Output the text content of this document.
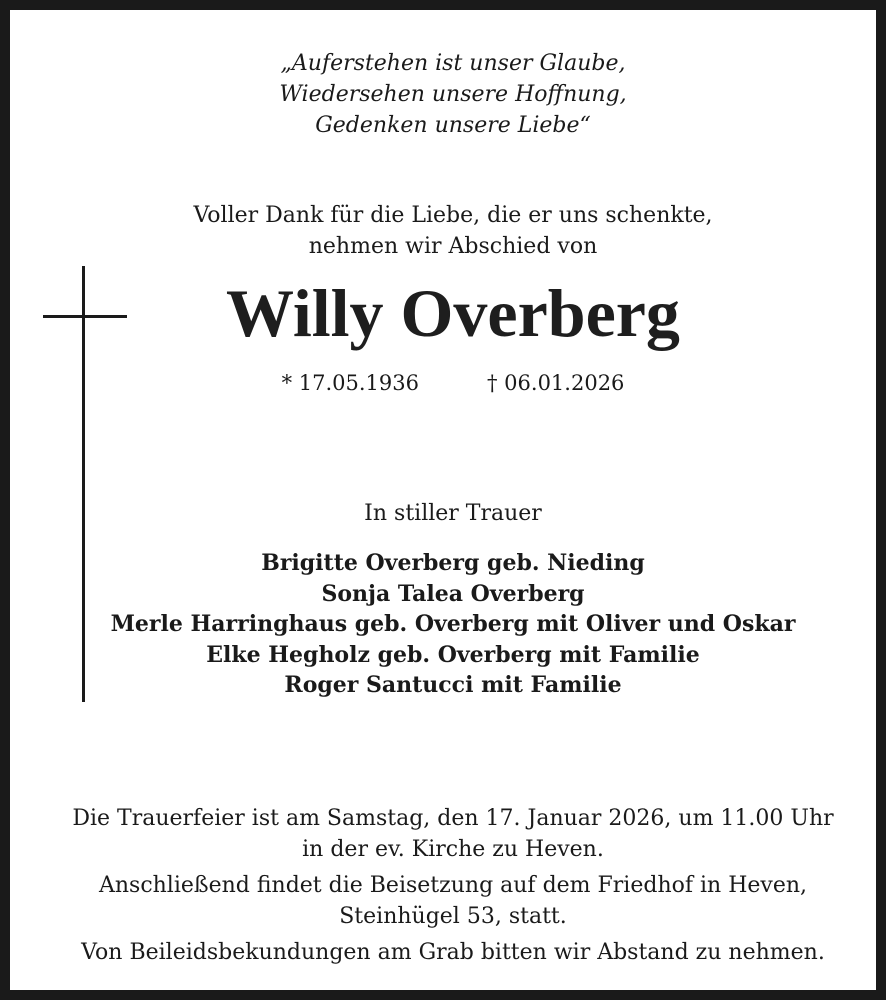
„Auferstehen ist unser Glaube,
Wiedersehen unsere Hoffnung,
Gedenken unsere Liebe“
Voller Dank für die Liebe, die er uns schenkte,
nehmen wir Abschied von
Willy Overberg
* 17.05.1936	† 06.01.2026
In stiller Trauer
Brigitte Overberg geb. Nieding
Sonja Talea Overberg
Merle Harringhaus geb. Overberg mit Oliver und Oskar
Elke Hegholz geb. Overberg mit Familie
Roger Santucci mit Familie
Die Trauerfeier ist am Samstag, den 17. Januar 2026, um 11.00 Uhr
in der ev. Kirche zu Heven.
Anschließend findet die Beisetzung auf dem Friedhof in Heven,
Steinhügel 53, statt.
Von Beileidsbekundungen am Grab bitten wir Abstand zu nehmen.
